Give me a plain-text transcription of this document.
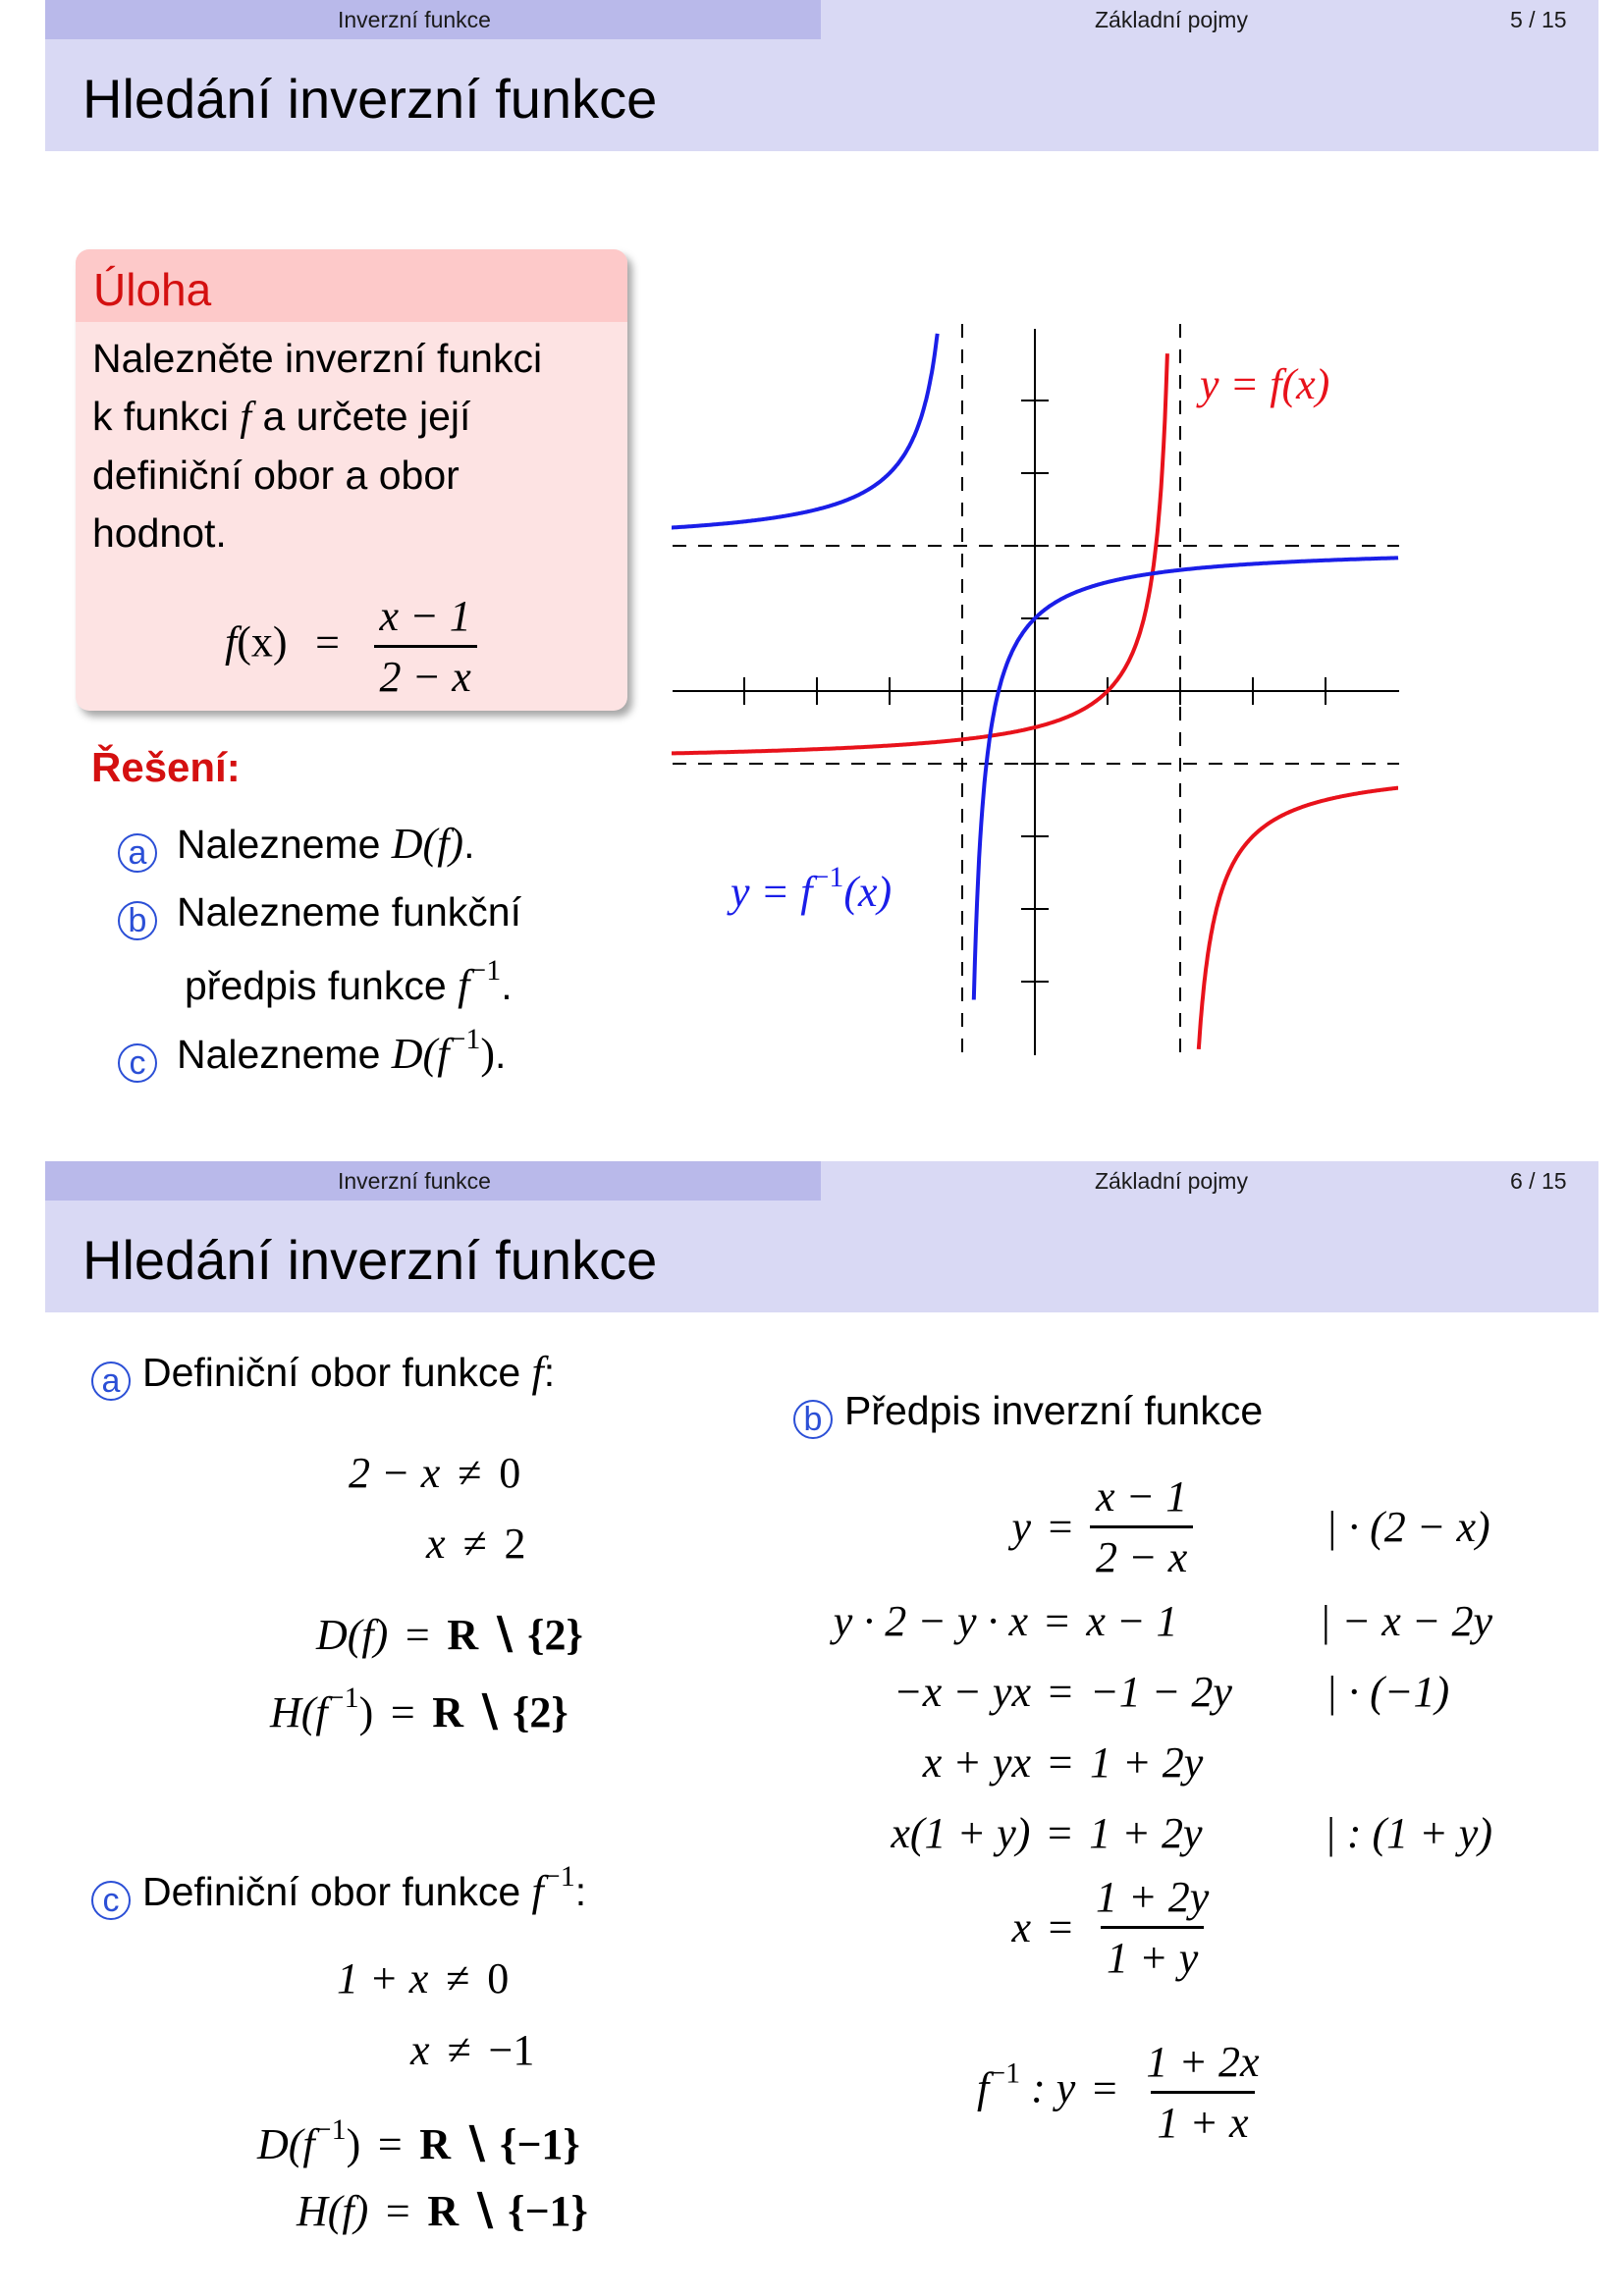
Inverzní funkce	Základní pojmy	5 / 15
Hledání inverzní funkce
Úloha
Nalezněte inverzní funkci
k funkci f a určete její
definiční obor a obor
hodnot.
$f(x) = \frac{x - 1}{2 - x}$
Řešení:
a Nalezneme D(f).
b Nalezneme funkční
předpis funkce $f^{-1}$.
c Nalezneme $D(f^{-1})$.
y = f(x)
$y = f^{-1}(x)$
Inverzní funkce	Základní pojmy	6 / 15
Hledání inverzní funkce
a Definiční obor funkce f:
2 − x ≠ 0
x ≠ 2
D(f) = R ∖ {2}
$H(f^{-1}) = R$ ∖ {2}
c Definiční obor funkce $f^{-1}$:
1 + x ≠ 0
x ≠ −1
$D(f^{-1}) = R$ ∖ {−1}
H(f) = R ∖ {−1}
b Předpis inverzní funkce
$y = \frac{x - 1}{2 - x}$	| · (2 − x)
y · 2 − y · x = x − 1	| − x − 2y
−x − yx = −1 − 2y	| · (−1)
x + yx = 1 + 2y
x(1 + y) = 1 + 2y	| : (1 + y)
$x = \frac{1 + 2y}{1 + y}$
$f^{-1}$ : $y = \frac{1 + 2x}{1 + x}$
